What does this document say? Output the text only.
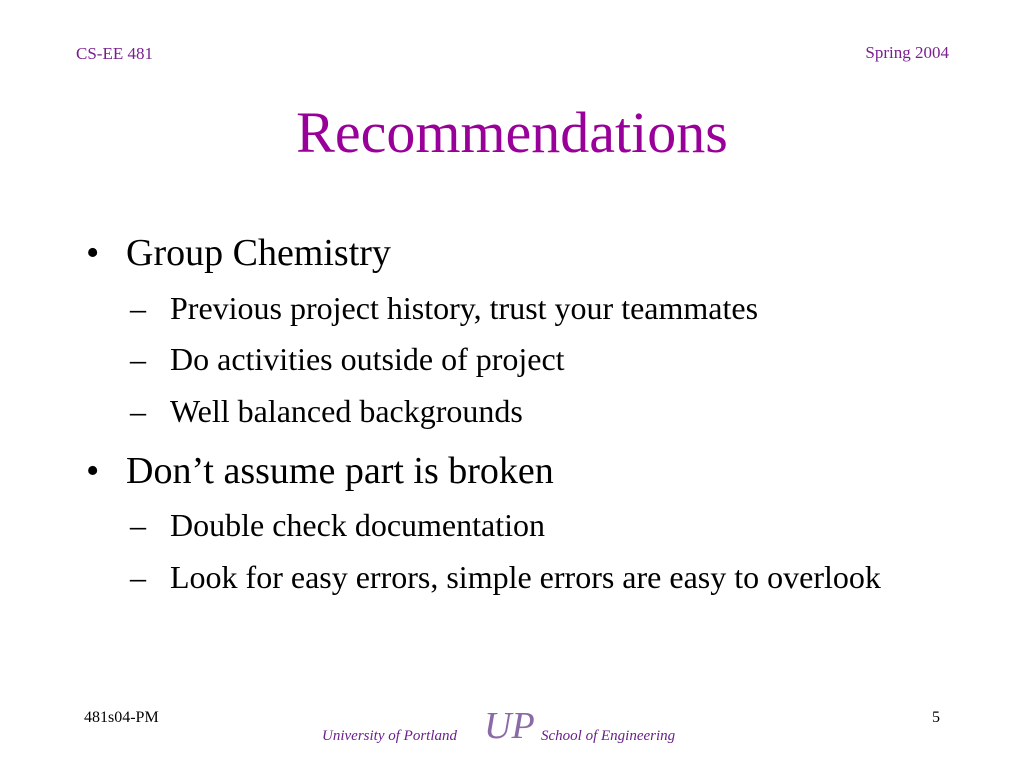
CS-EE 481	Spring 2004
Recommendations
• Group Chemistry
– Previous project history, trust your teammates
– Do activities outside of project
– Well balanced backgrounds
• Don’t assume part is broken
– Double check documentation
– Look for easy errors, simple errors are easy to overlook
481s04-PM	5
University of Portland UP School of Engineering
